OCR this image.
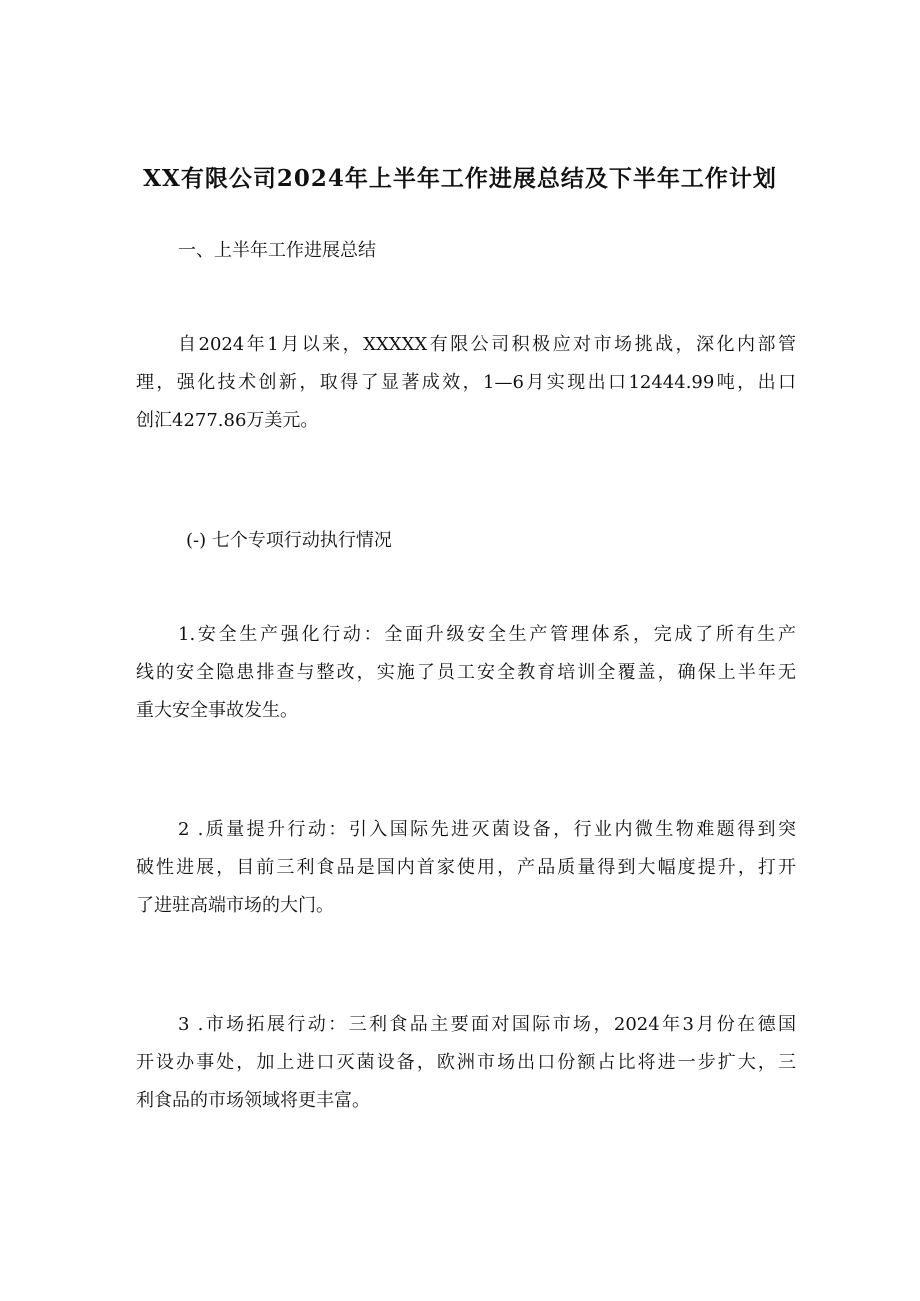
XX有限公司2024年上半年工作进展总结及下半年工作计划
一、上半年工作进展总结

自2024年1月以来，XXXXX有限公司积极应对市场挑战，深化内部管
理，强化技术创新，取得了显著成效，1—6月实现出口12444.99吨，出口
创汇4277.86万美元。

(-) 七个专项行动执行情况

1.安全生产强化行动：全面升级安全生产管理体系，完成了所有生产
线的安全隐患排查与整改，实施了员工安全教育培训全覆盖，确保上半年无
重大安全事故发生。

2 .质量提升行动：引入国际先进灭菌设备，行业内微生物难题得到突
破性进展，目前三利食品是国内首家使用，产品质量得到大幅度提升，打开
了进驻高端市场的大门。

3 .市场拓展行动：三利食品主要面对国际市场，2024年3月份在德国
开设办事处，加上进口灭菌设备，欧洲市场出口份额占比将进一步扩大，三
利食品的市场领域将更丰富。
